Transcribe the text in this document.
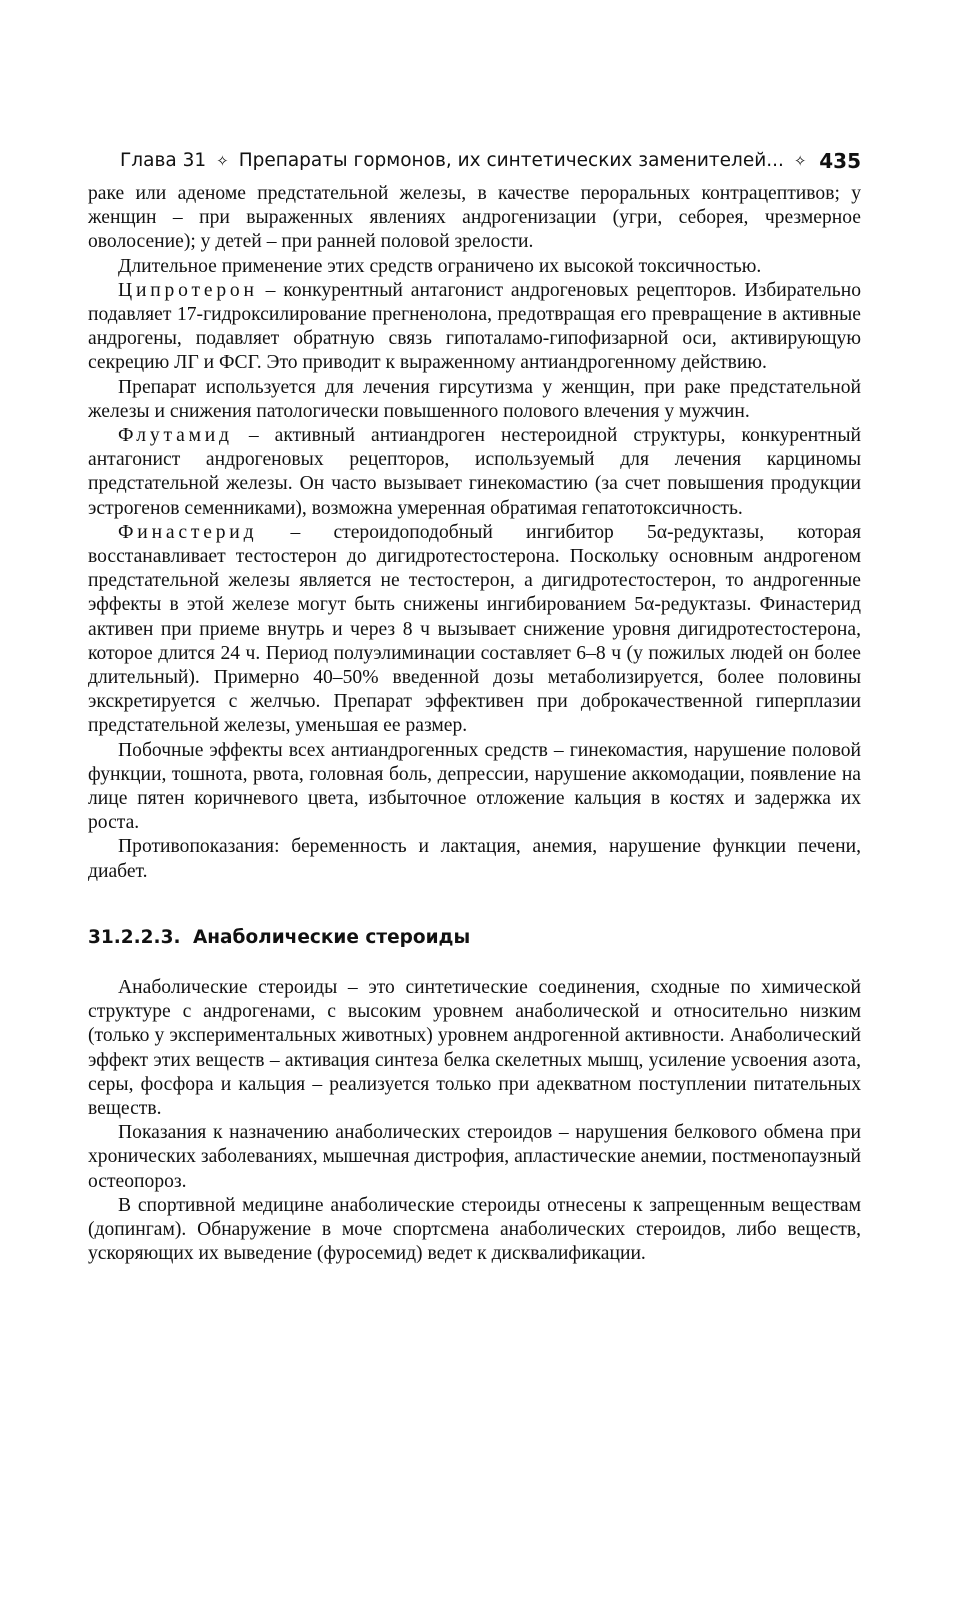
Глава 31 ✧ Препараты гормонов, их синтетических заменителей... ✧ 435

раке или аденоме предстательной железы, в качестве пероральных контрацептивов; у женщин – при выраженных явлениях андрогенизации (угри, себорея, чрезмерное оволосение); у детей – при ранней половой зрелости.

Длительное применение этих средств ограничено их высокой токсичностью.

Ципротерон – конкурентный антагонист андрогеновых рецепторов. Избирательно подавляет 17-гидроксилирование прегненолона, предотвращая его превращение в активные андрогены, подавляет обратную связь гипоталамо-гипофизарной оси, активирующую секрецию ЛГ и ФСГ. Это приводит к выраженному антиандрогенному действию.

Препарат используется для лечения гирсутизма у женщин, при раке предстательной железы и снижения патологически повышенного полового влечения у мужчин.

Флутамид – активный антиандроген нестероидной структуры, конкурентный антагонист андрогеновых рецепторов, используемый для лечения карциномы предстательной железы. Он часто вызывает гинекомастию (за счет повышения продукции эстрогенов семенниками), возможна умеренная обратимая гепатотоксичность.

Финастерид – стероидоподобный ингибитор 5α-редуктазы, которая восстанавливает тестостерон до дигидротестостерона. Поскольку основным андрогеном предстательной железы является не тестостерон, а дигидротестостерон, то андрогенные эффекты в этой железе могут быть снижены ингибированием 5α-редуктазы. Финастерид активен при приеме внутрь и через 8 ч вызывает снижение уровня дигидротестостерона, которое длится 24 ч. Период полуэлиминации составляет 6–8 ч (у пожилых людей он более длительный). Примерно 40–50% введенной дозы метаболизируется, более половины экскретируется с желчью. Препарат эффективен при доброкачественной гиперплазии предстательной железы, уменьшая ее размер.

Побочные эффекты всех антиандрогенных средств – гинекомастия, нарушение половой функции, тошнота, рвота, головная боль, депрессии, нарушение аккомодации, появление на лице пятен коричневого цвета, избыточное отложение кальция в костях и задержка их роста.

Противопоказания: беременность и лактация, анемия, нарушение функции печени, диабет.

31.2.2.3. Анаболические стероиды

Анаболические стероиды – это синтетические соединения, сходные по химической структуре с андрогенами, с высоким уровнем анаболической и относительно низким (только у экспериментальных животных) уровнем андрогенной активности. Анаболический эффект этих веществ – активация синтеза белка скелетных мышц, усиление усвоения азота, серы, фосфора и кальция – реализуется только при адекватном поступлении питательных веществ.

Показания к назначению анаболических стероидов – нарушения белкового обмена при хронических заболеваниях, мышечная дистрофия, апластические анемии, постменопаузный остеопороз.

В спортивной медицине анаболические стероиды отнесены к запрещенным веществам (допингам). Обнаружение в моче спортсмена анаболических стероидов, либо веществ, ускоряющих их выведение (фуросемид) ведет к дисквалификации.
